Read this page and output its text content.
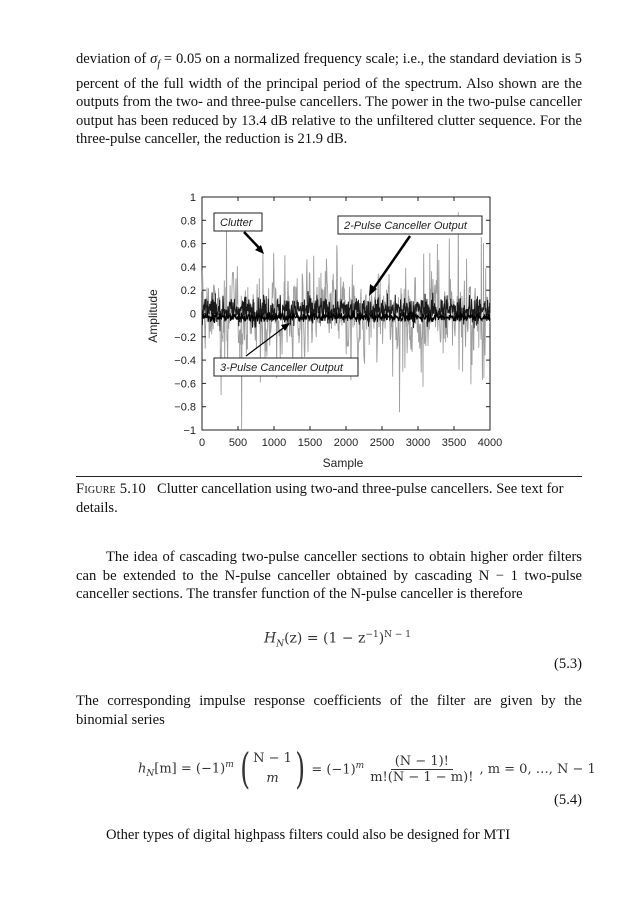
deviation of $\sigma_f = 0.05$ on a normalized frequency scale; i.e., the standard deviation is 5 percent of the full width of the principal period of the spectrum. Also shown are the outputs from the two- and three-pulse cancellers. The power in the two-pulse canceller output has been reduced by 13.4 dB relative to the unfiltered clutter sequence. For the three-pulse canceller, the reduction is 21.9 dB.

1
0.8
0.6
0.4
0.2
0
−0.2
−0.4
−0.6
−0.8
−1
0 500 1000 1500 2000 2500 3000 3500 4000
Clutter	2-Pulse Canceller Output
3-Pulse Canceller Output
Sample
Amplitude
Figure 5.10 Clutter cancellation using two-and three-pulse cancellers. See text for details.

The idea of cascading two-pulse canceller sections to obtain higher order filters can be extended to the N-pulse canceller obtained by cascading N − 1 two-pulse canceller sections. The transfer function of the N-pulse canceller is therefore

$H_N(z) = (1 - z^{-1})^{N - 1}$
(5.3)

The corresponding impulse response coefficients of the filter are given by the binomial series

$h_N[m] = (-1)^m$ ( N − 1
m ) = $(-1)^m \frac{(N - 1)!}{m!(N - 1 - m)!}$ , m = 0, …, N − 1
(5.4)

Other types of digital highpass filters could also be designed for MTI
